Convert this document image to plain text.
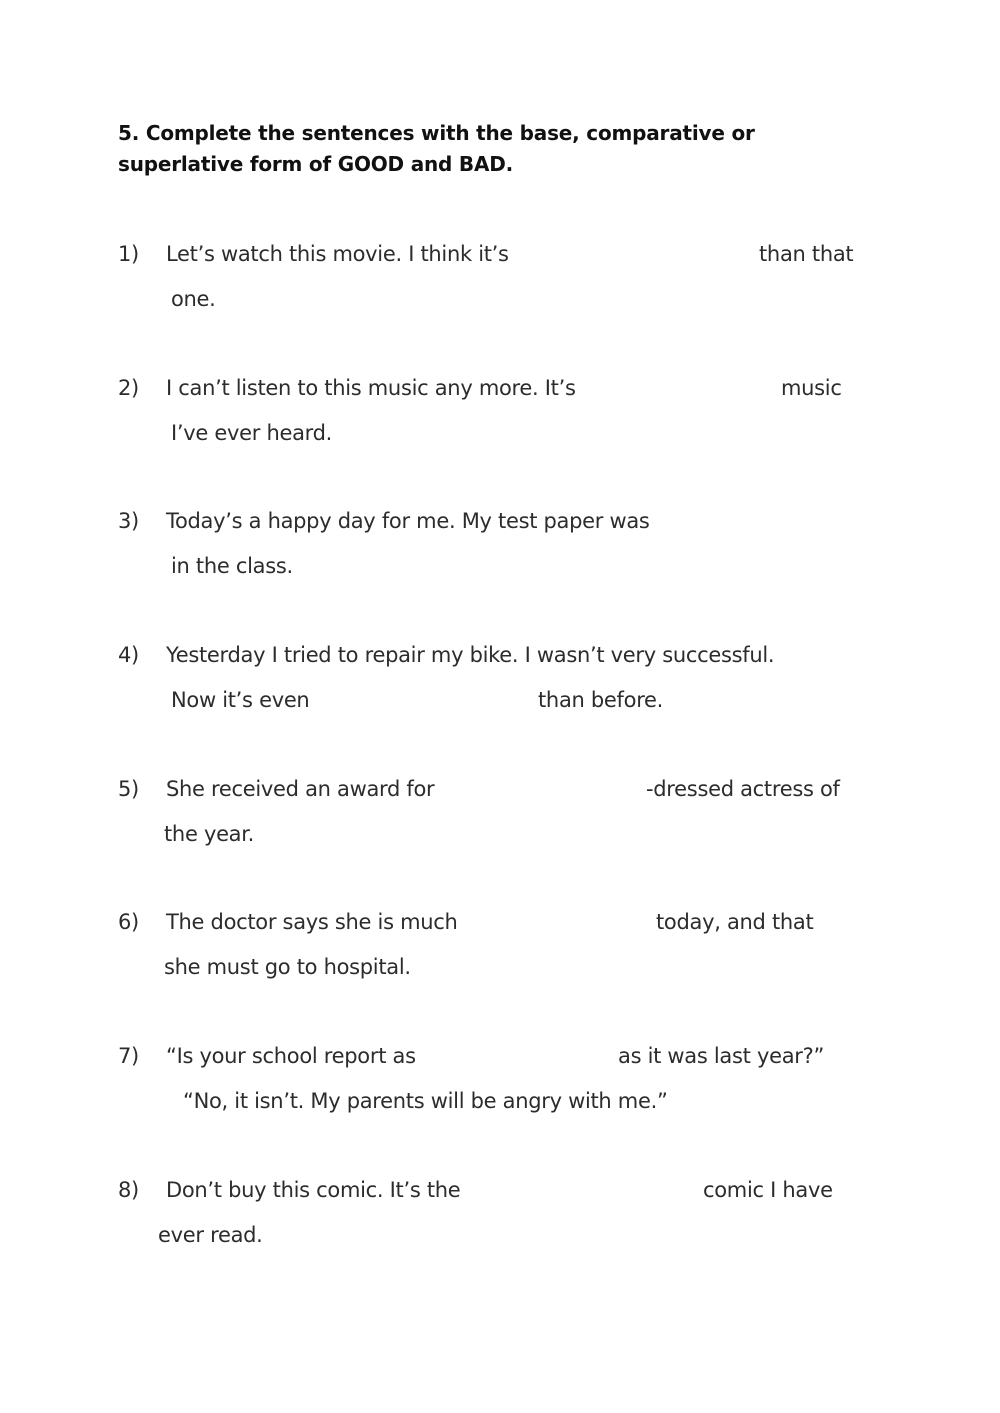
5. Complete the sentences with the base, comparative or superlative form of GOOD and BAD.
1) Let’s watch this movie. I think it’s	than that
one.
2) I can’t listen to this music any more. It’s	music
I’ve ever heard.
3) Today’s a happy day for me. My test paper was
in the class.
4) Yesterday I tried to repair my bike. I wasn’t very successful.
Now it’s even	than before.
5) She received an award for	-dressed actress of
the year.
6) The doctor says she is much	today, and that
she must go to hospital.
7) “Is your school report as	as it was last year?”
“No, it isn’t. My parents will be angry with me.”
8) Don’t buy this comic. It’s the	comic I have
ever read.
